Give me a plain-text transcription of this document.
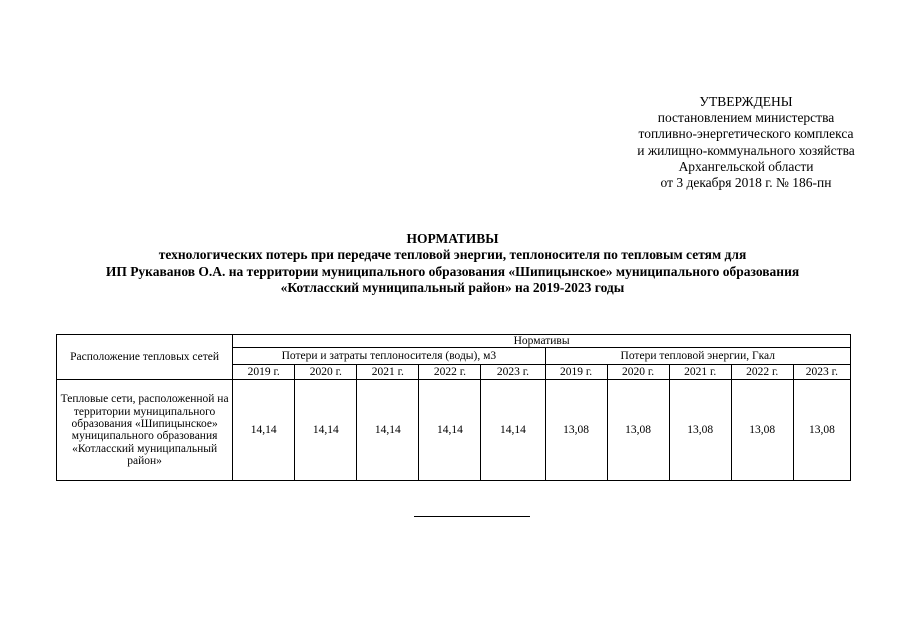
УТВЕРЖДЕНЫ
постановлением министерства
топливно-энергетического комплекса
и жилищно-коммунального хозяйства
Архангельской области
от 3 декабря 2018 г. № 186-пн
НОРМАТИВЫ
технологических потерь при передаче тепловой энергии, теплоносителя по тепловым сетям для
ИП Рукаванов О.А. на территории муниципального образования «Шипицынское» муниципального образования
«Котласский муниципальный район» на 2019-2023 годы
Расположение тепловых сетей	Нормативы									
	Потери и затраты теплоносителя (воды), м3					Потери тепловой энергии, Гкал				
	2019 г.	2020 г.	2021 г.	2022 г.	2023 г.	2019 г.	2020 г.	2021 г.	2022 г.	2023 г.
Тепловые сети, расположенной на территории муниципального образования «Шипицынское» муниципального образования «Котласский муниципальный район»	14,14	14,14	14,14	14,14	14,14	13,08	13,08	13,08	13,08	13,08
